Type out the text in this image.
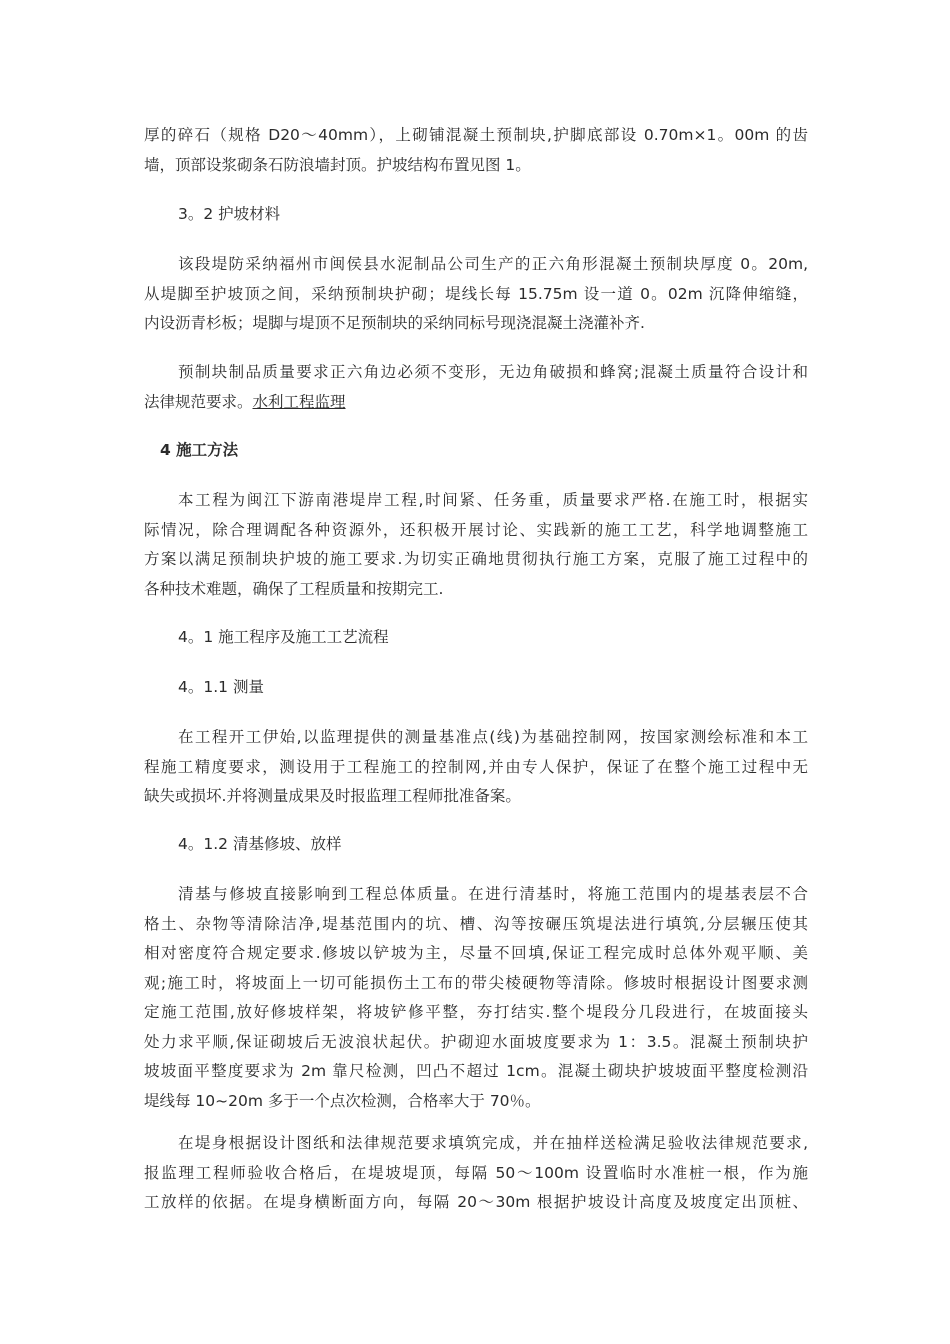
厚的碎石（规格 D20～40mm），上砌铺混凝土预制块,护脚底部设 0.70m×1。00m 的齿
墙，顶部设浆砌条石防浪墙封顶。护坡结构布置见图 1。
3。2 护坡材料
该段堤防采纳福州市闽侯县水泥制品公司生产的正六角形混凝土预制块厚度 0。20m,
从堤脚至护坡顶之间，采纳预制块护砌；堤线长每 15.75m 设一道 0。02m 沉降伸缩缝，
内设沥青杉板；堤脚与堤顶不足预制块的采纳同标号现浇混凝土浇灌补齐.
预制块制品质量要求正六角边必须不变形，无边角破损和蜂窝;混凝土质量符合设计和
法律规范要求。水利工程监理
4 施工方法
本工程为闽江下游南港堤岸工程,时间紧、任务重，质量要求严格.在施工时，根据实
际情况，除合理调配各种资源外，还积极开展讨论、实践新的施工工艺，科学地调整施工
方案以满足预制块护坡的施工要求.为切实正确地贯彻执行施工方案，克服了施工过程中的
各种技术难题，确保了工程质量和按期完工.
4。1 施工程序及施工工艺流程
4。1.1 测量
在工程开工伊始,以监理提供的测量基准点(线)为基础控制网，按国家测绘标准和本工
程施工精度要求，测设用于工程施工的控制网,并由专人保护，保证了在整个施工过程中无
缺失或损坏.并将测量成果及时报监理工程师批准备案。
4。1.2 清基修坡、放样
清基与修坡直接影响到工程总体质量。在进行清基时，将施工范围内的堤基表层不合
格土、杂物等清除洁净,堤基范围内的坑、槽、沟等按碾压筑堤法进行填筑,分层辗压使其
相对密度符合规定要求.修坡以铲坡为主，尽量不回填,保证工程完成时总体外观平顺、美
观;施工时，将坡面上一切可能损伤土工布的带尖棱硬物等清除。修坡时根据设计图要求测
定施工范围,放好修坡样架，将坡铲修平整，夯打结实.整个堤段分几段进行，在坡面接头
处力求平顺,保证砌坡后无波浪状起伏。护砌迎水面坡度要求为 1：3.5。混凝土预制块护
坡坡面平整度要求为 2m 靠尺检测，凹凸不超过 1cm。混凝土砌块护坡坡面平整度检测沿
堤线每 10~20m 多于一个点次检测，合格率大于 70％。
在堤身根据设计图纸和法律规范要求填筑完成，并在抽样送检满足验收法律规范要求,
报监理工程师验收合格后，在堤坡堤顶，每隔 50～100m 设置临时水准桩一根，作为施
工放样的依据。在堤身横断面方向，每隔 20～30m 根据护坡设计高度及坡度定出顶桩、
